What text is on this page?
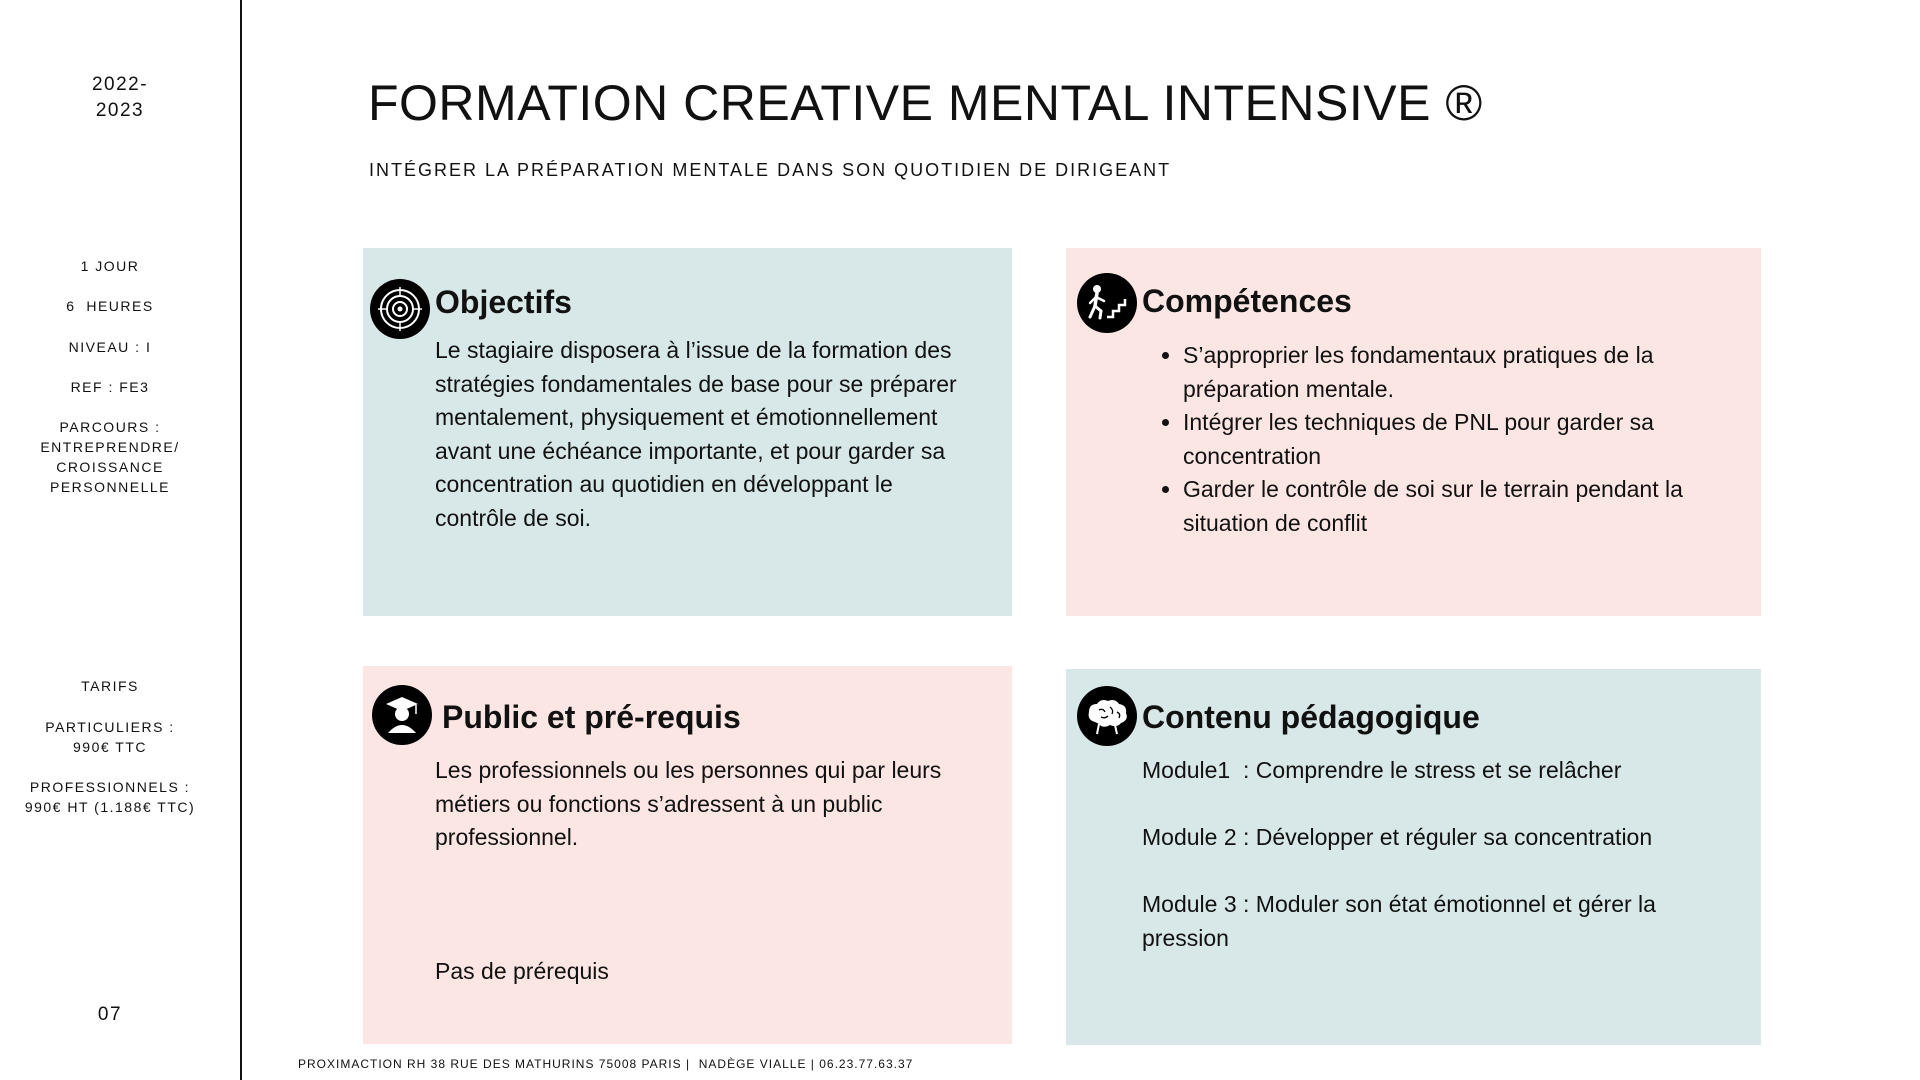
2022-
2023
1 JOUR
6  HEURES
NIVEAU : I
REF : FE3
PARCOURS :
ENTREPRENDRE/
CROISSANCE
PERSONNELLE
TARIFS
PARTICULIERS :
990€ TTC
PROFESSIONNELS :
990€ HT (1.188€ TTC)
07
FORMATION CREATIVE MENTAL INTENSIVE ®
INTÉGRER LA PRÉPARATION MENTALE DANS SON QUOTIDIEN DE DIRIGEANT
Objectifs
Le stagiaire disposera à l’issue de la formation des stratégies fondamentales de base pour se préparer mentalement, physiquement et émotionnellement avant une échéance importante, et pour garder sa concentration au quotidien en développant le contrôle de soi.
Compétences
• S’approprier les fondamentaux pratiques de la préparation mentale.
• Intégrer les techniques de PNL pour garder sa concentration
• Garder le contrôle de soi sur le terrain pendant la situation de conflit
Public et pré-requis
Les professionnels ou les personnes qui par leurs métiers ou fonctions s’adressent à un public professionnel.
Pas de prérequis
Contenu pédagogique

Module1  : Comprendre le stress et se relâcher

Module 2 : Développer et réguler sa concentration

Module 3 : Moduler son état émotionnel et gérer la pression

PROXIMACTION RH 38 RUE DES MATHURINS 75008 PARIS |  NADÈGE VIALLE | 06.23.77.63.37
